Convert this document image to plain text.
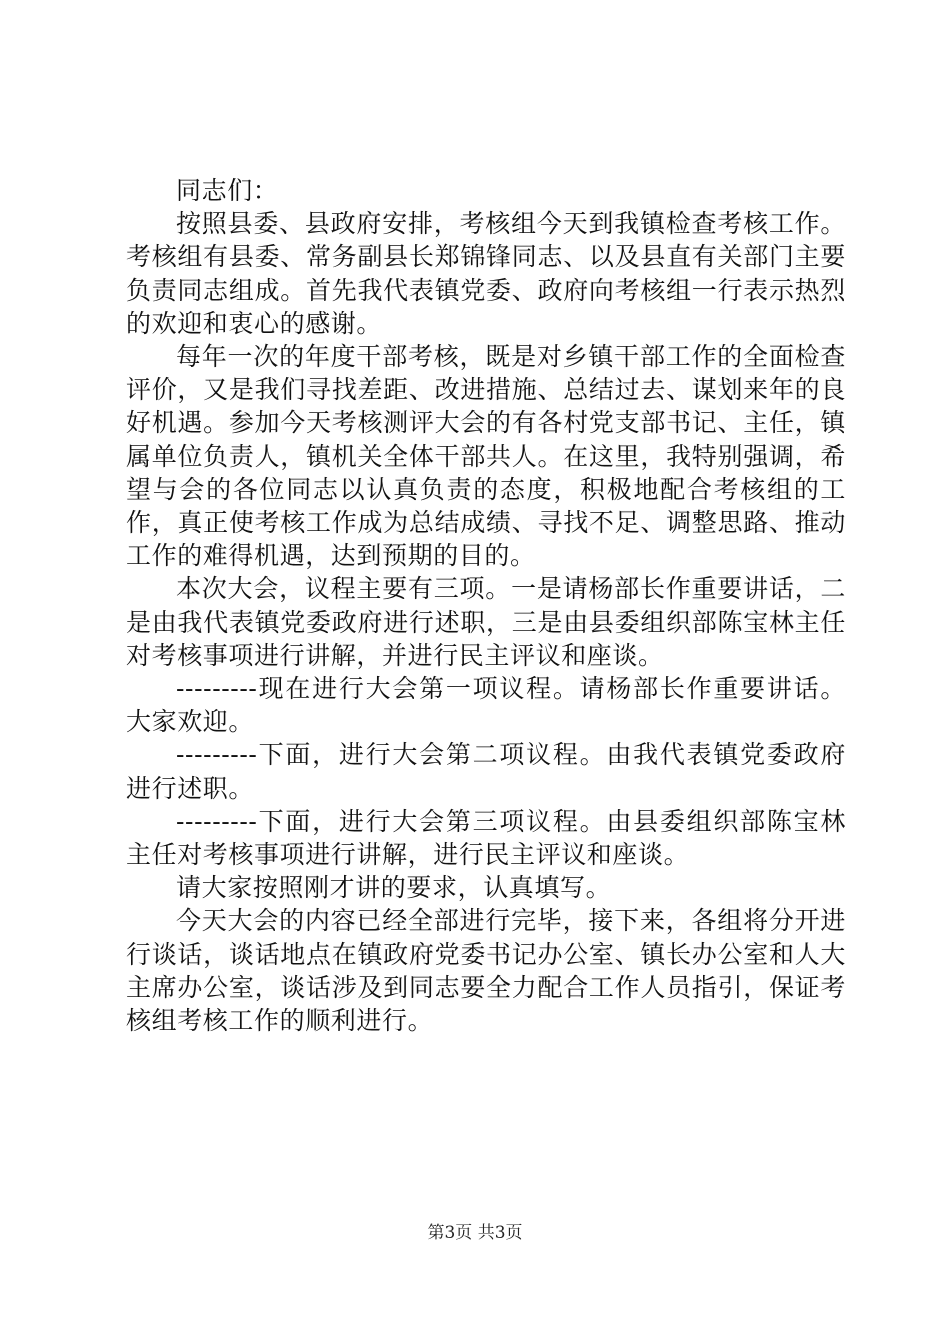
同志们：

按照县委、县政府安排，考核组今天到我镇检查考核工作。考核组有县委、常务副县长郑锦锋同志、以及县直有关部门主要负责同志组成。首先我代表镇党委、政府向考核组一行表示热烈的欢迎和衷心的感谢。

每年一次的年度干部考核，既是对乡镇干部工作的全面检查评价，又是我们寻找差距、改进措施、总结过去、谋划来年的良好机遇。参加今天考核测评大会的有各村党支部书记、主任，镇属单位负责人，镇机关全体干部共人。在这里，我特别强调，希望与会的各位同志以认真负责的态度，积极地配合考核组的工作，真正使考核工作成为总结成绩、寻找不足、调整思路、推动工作的难得机遇，达到预期的目的。

本次大会，议程主要有三项。一是请杨部长作重要讲话，二是由我代表镇党委政府进行述职，三是由县委组织部陈宝林主任对考核事项进行讲解，并进行民主评议和座谈。

---------现在进行大会第一项议程。请杨部长作重要讲话。大家欢迎。

---------下面，进行大会第二项议程。由我代表镇党委政府进行述职。

---------下面，进行大会第三项议程。由县委组织部陈宝林主任对考核事项进行讲解，进行民主评议和座谈。

请大家按照刚才讲的要求，认真填写。

今天大会的内容已经全部进行完毕，接下来，各组将分开进行谈话，谈话地点在镇政府党委书记办公室、镇长办公室和人大主席办公室，谈话涉及到同志要全力配合工作人员指引，保证考核组考核工作的顺利进行。

第3页 共3页
